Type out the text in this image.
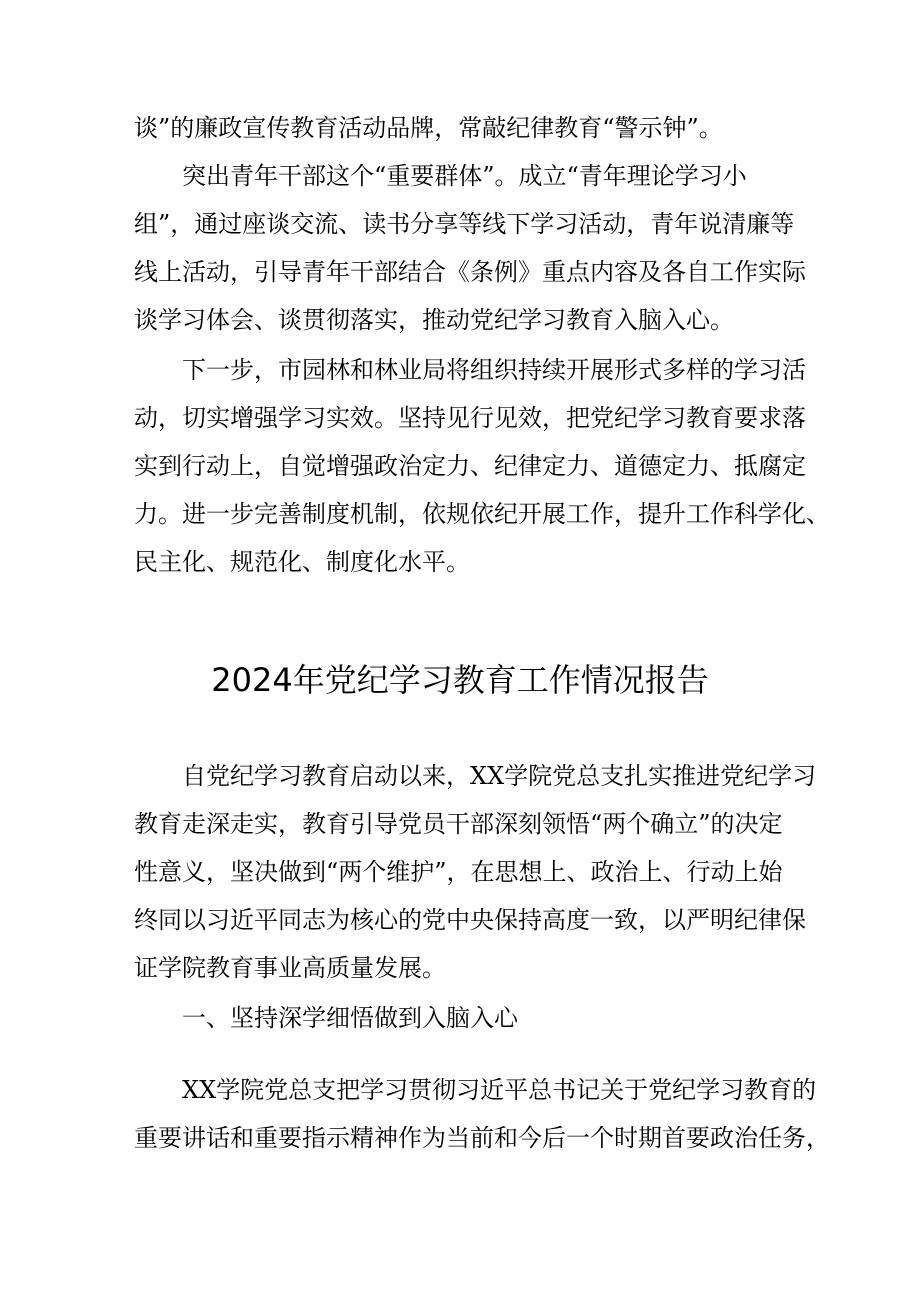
谈”的廉政宣传教育活动品牌，常敲纪律教育“警示钟”。
突出青年干部这个“重要群体”。成立“青年理论学习小
组”，通过座谈交流、读书分享等线下学习活动，青年说清廉等
线上活动，引导青年干部结合《条例》重点内容及各自工作实际
谈学习体会、谈贯彻落实，推动党纪学习教育入脑入心。
下一步，市园林和林业局将组织持续开展形式多样的学习活
动，切实增强学习实效。坚持见行见效，把党纪学习教育要求落
实到行动上，自觉增强政治定力、纪律定力、道德定力、抵腐定
力。进一步完善制度机制，依规依纪开展工作，提升工作科学化、
民主化、规范化、制度化水平。
2024年党纪学习教育工作情况报告
自党纪学习教育启动以来，XX学院党总支扎实推进党纪学习
教育走深走实，教育引导党员干部深刻领悟“两个确立”的决定
性意义，坚决做到“两个维护”，在思想上、政治上、行动上始
终同以习近平同志为核心的党中央保持高度一致，以严明纪律保
证学院教育事业高质量发展。
一、坚持深学细悟做到入脑入心
XX学院党总支把学习贯彻习近平总书记关于党纪学习教育的
重要讲话和重要指示精神作为当前和今后一个时期首要政治任务，
